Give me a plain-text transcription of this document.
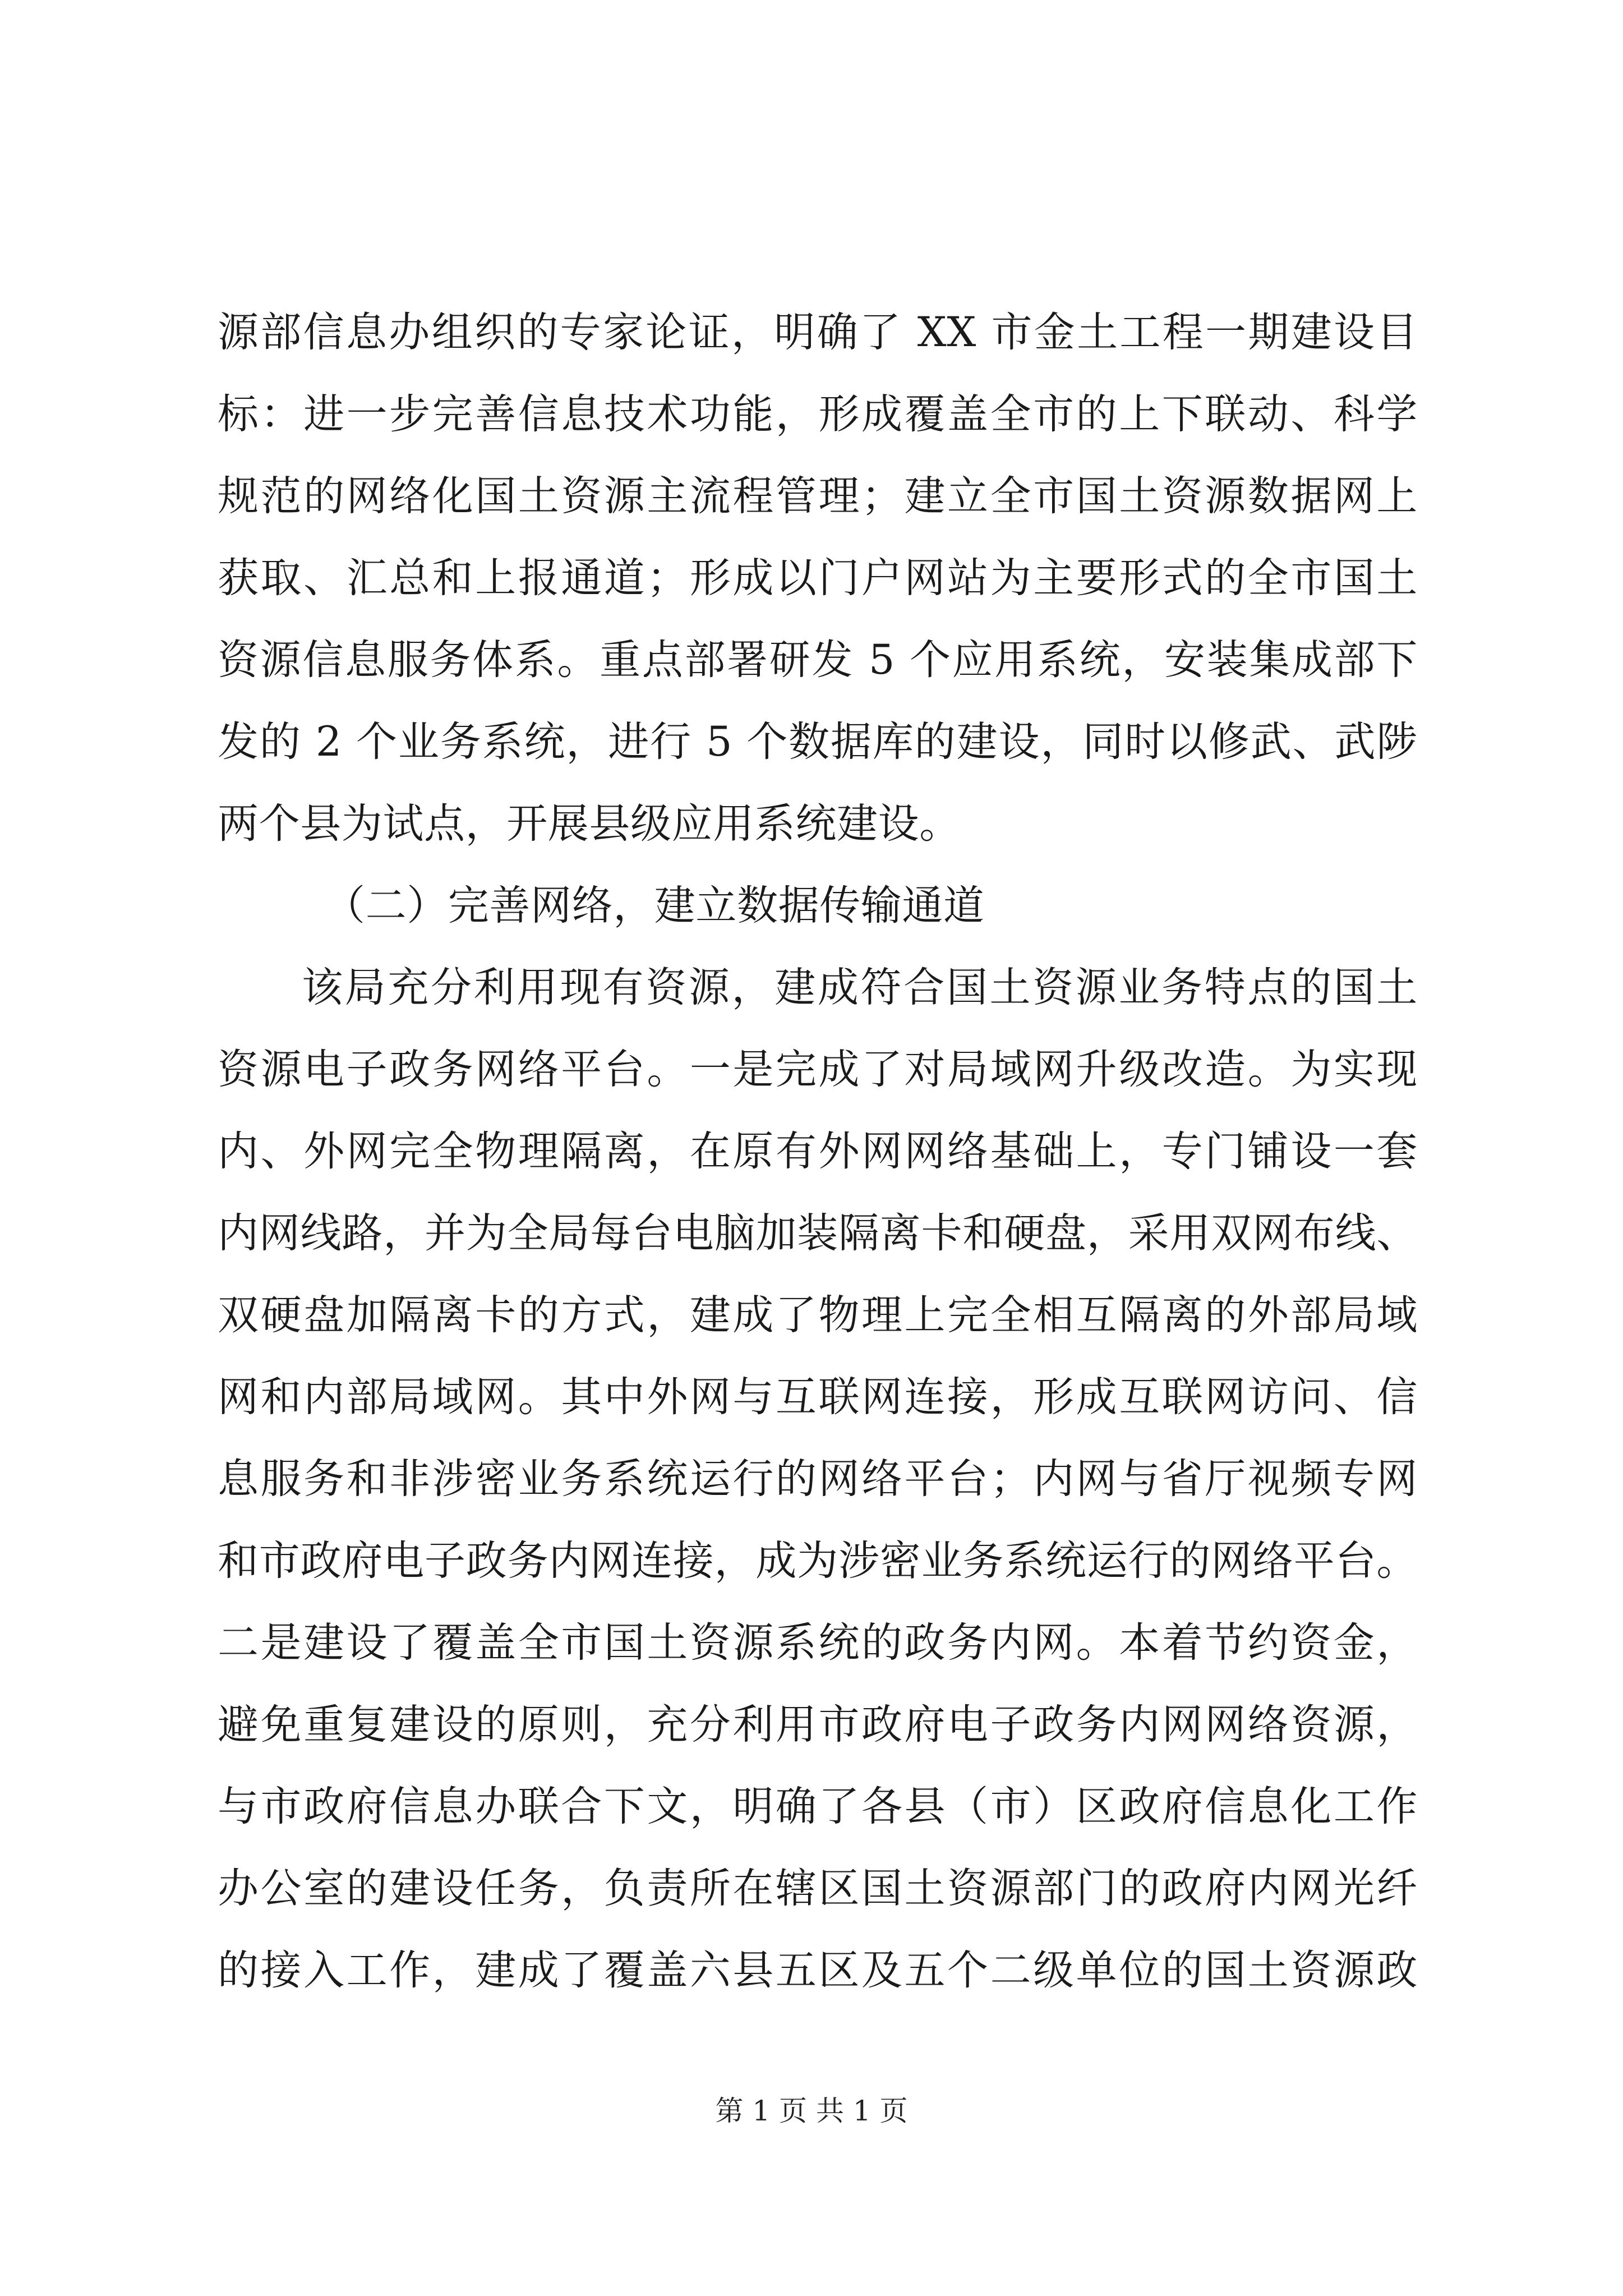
源部信息办组织的专家论证，明确了 XX 市金土工程一期建设目
标：进一步完善信息技术功能，形成覆盖全市的上下联动、科学
规范的网络化国土资源主流程管理；建立全市国土资源数据网上
获取、汇总和上报通道；形成以门户网站为主要形式的全市国土
资源信息服务体系。重点部署研发 5 个应用系统，安装集成部下
发的 2 个业务系统，进行 5 个数据库的建设，同时以修武、武陟
两个县为试点，开展县级应用系统建设。
（二）完善网络，建立数据传输通道
该局充分利用现有资源，建成符合国土资源业务特点的国土
资源电子政务网络平台。一是完成了对局域网升级改造。为实现
内、外网完全物理隔离，在原有外网网络基础上，专门铺设一套
内网线路，并为全局每台电脑加装隔离卡和硬盘，采用双网布线、
双硬盘加隔离卡的方式，建成了物理上完全相互隔离的外部局域
网和内部局域网。其中外网与互联网连接，形成互联网访问、信
息服务和非涉密业务系统运行的网络平台；内网与省厅视频专网
和市政府电子政务内网连接，成为涉密业务系统运行的网络平台。
二是建设了覆盖全市国土资源系统的政务内网。本着节约资金，
避免重复建设的原则，充分利用市政府电子政务内网网络资源，
与市政府信息办联合下文，明确了各县（市）区政府信息化工作
办公室的建设任务，负责所在辖区国土资源部门的政府内网光纤
的接入工作，建成了覆盖六县五区及五个二级单位的国土资源政
第 1 页 共 1 页
